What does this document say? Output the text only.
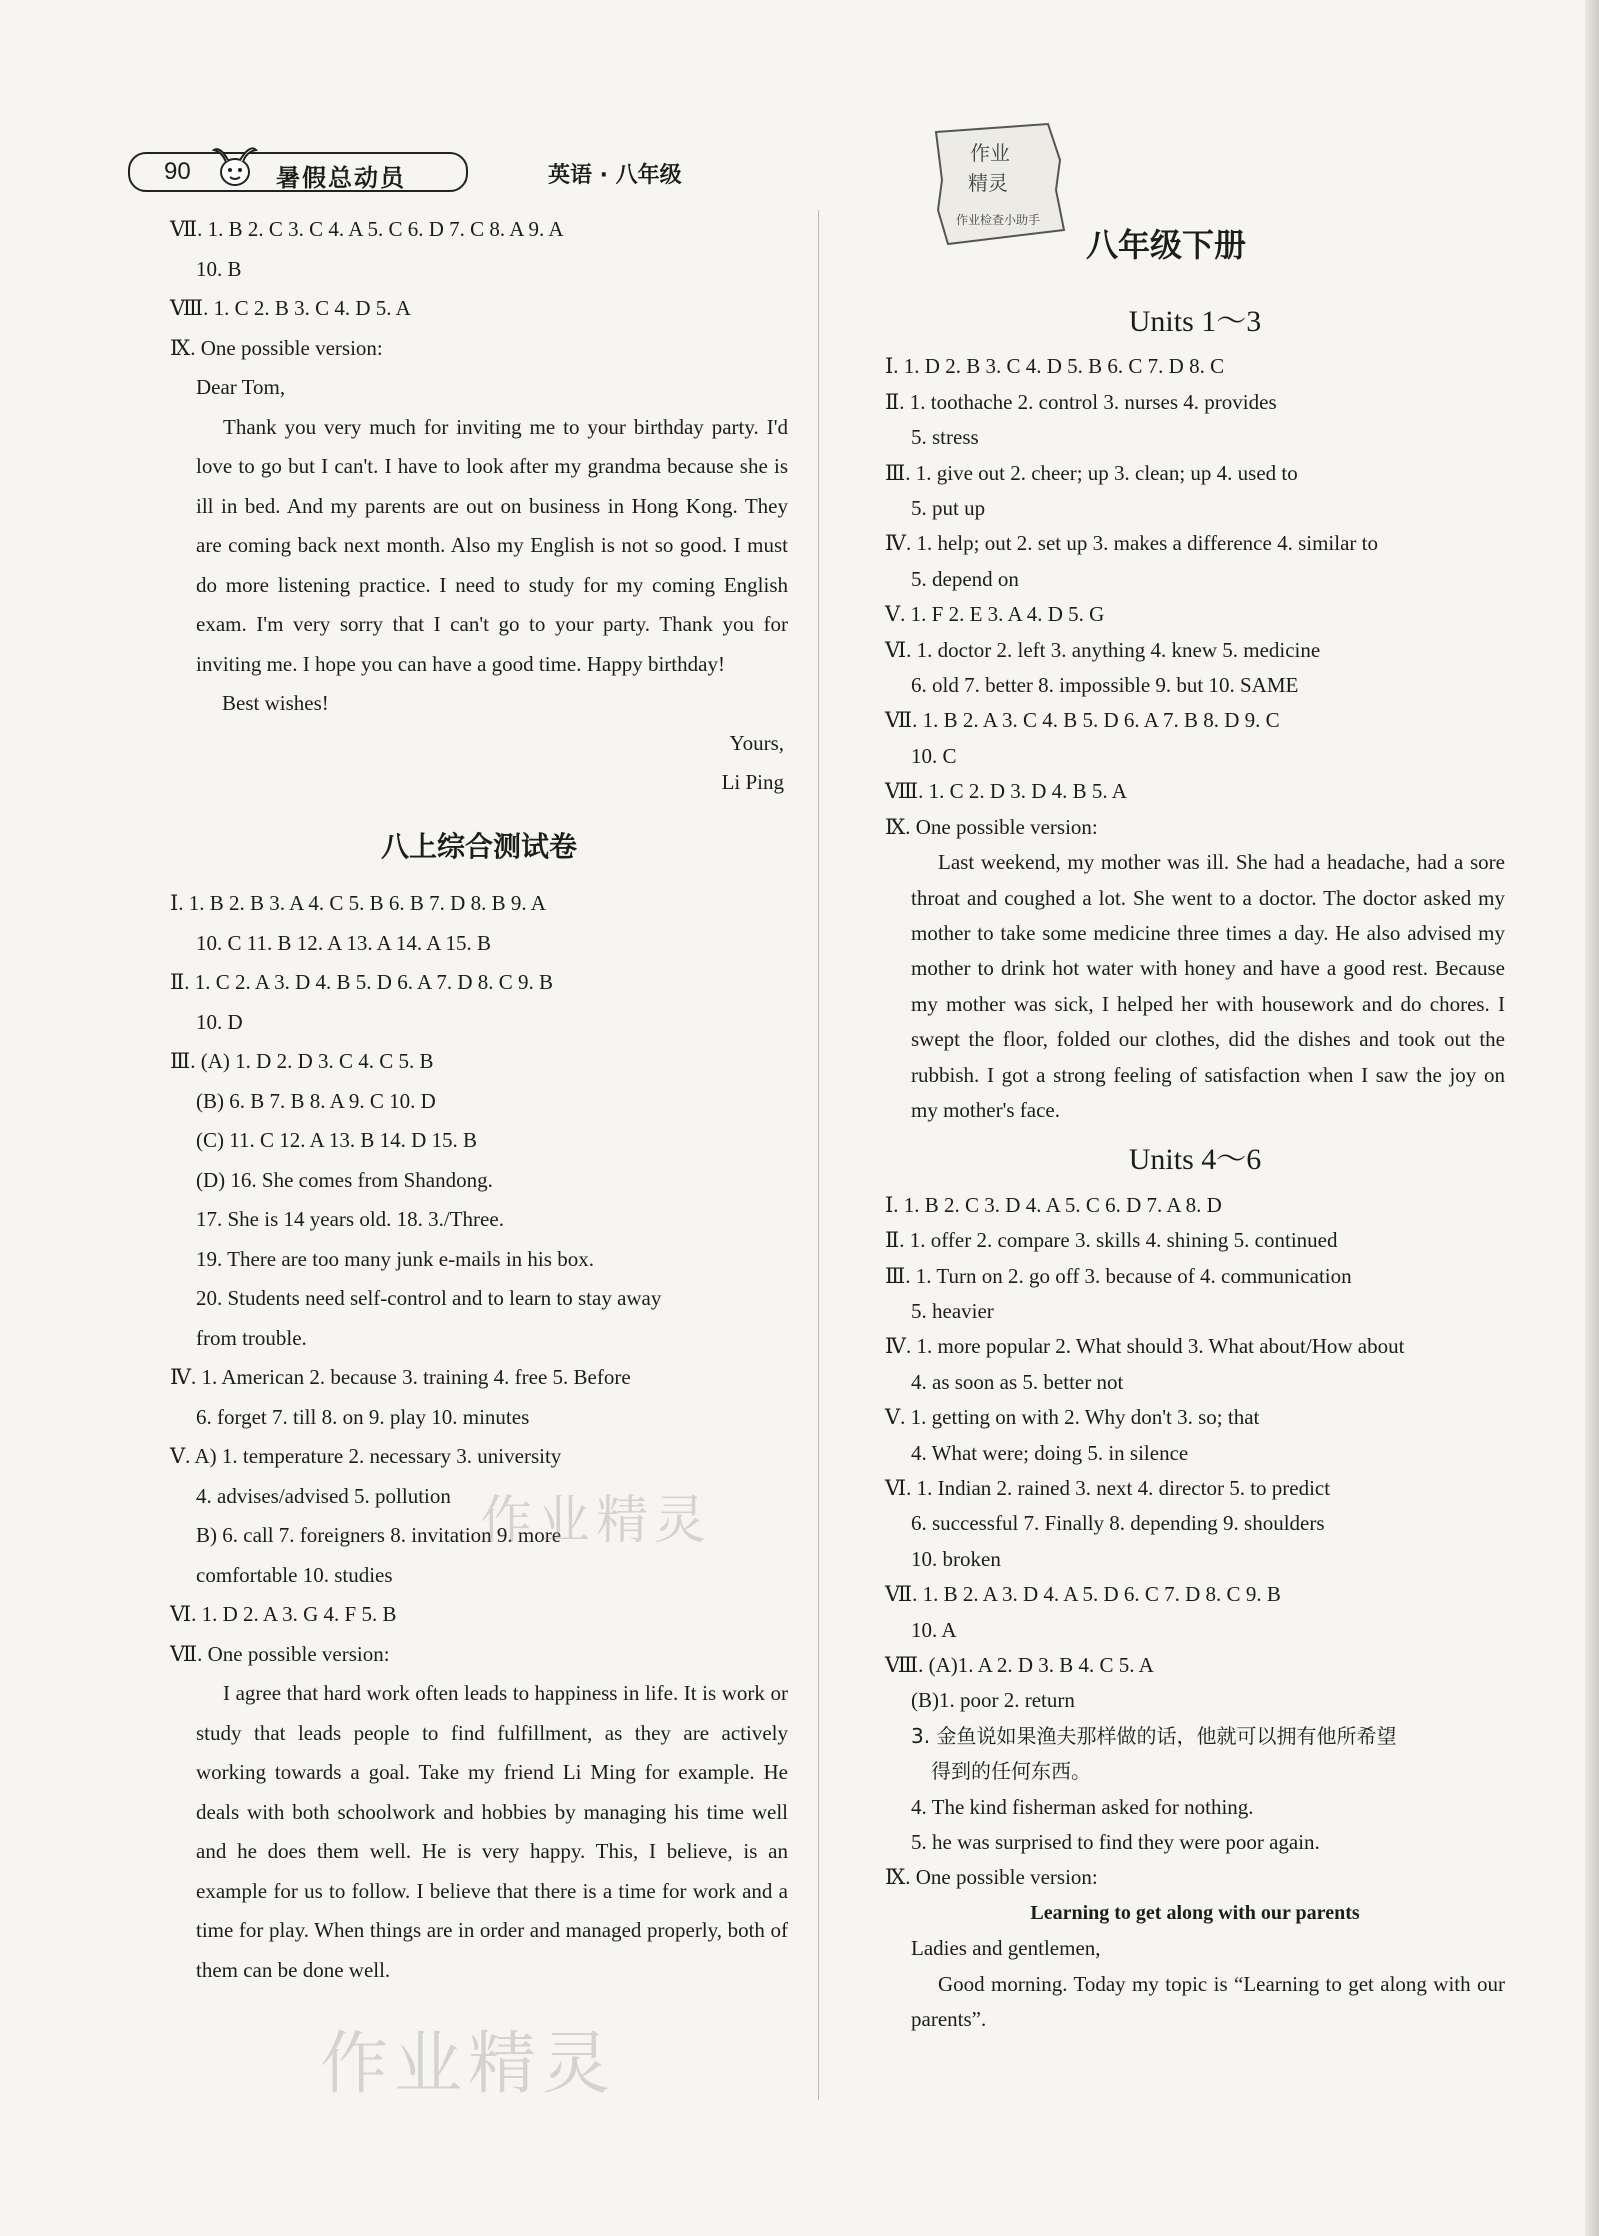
90	暑假总动员	英语 · 八年级
作业
精灵
作业检查小助手
八年级下册
Ⅶ. 1. B 2. C 3. C 4. A 5. C 6. D 7. C 8. A 9. A
10. B
Ⅷ. 1. C 2. B 3. C 4. D 5. A
Ⅸ. One possible version:
Dear Tom,
Thank you very much for inviting me to your birthday party. I'd love to go but I can't. I have to look after my grandma because she is ill in bed. And my parents are out on business in Hong Kong. They are coming back next month. Also my English is not so good. I must do more listening practice. I need to study for my coming English exam. I'm very sorry that I can't go to your party. Thank you for inviting me. I hope you can have a good time. Happy birthday!
Best wishes!
Yours,
Li Ping
八上综合测试卷
Ⅰ. 1. B 2. B 3. A 4. C 5. B 6. B 7. D 8. B 9. A
10. C 11. B 12. A 13. A 14. A 15. B
Ⅱ. 1. C 2. A 3. D 4. B 5. D 6. A 7. D 8. C 9. B
10. D
Ⅲ. (A) 1. D 2. D 3. C 4. C 5. B
(B) 6. B 7. B 8. A 9. C 10. D
(C) 11. C 12. A 13. B 14. D 15. B
(D) 16. She comes from Shandong.
17. She is 14 years old. 18. 3./Three.
19. There are too many junk e-mails in his box.
20. Students need self-control and to learn to stay away
from trouble.
Ⅳ. 1. American 2. because 3. training 4. free 5. Before
6. forget 7. till 8. on 9. play 10. minutes
Ⅴ. A) 1. temperature 2. necessary 3. university
4. advises/advised 5. pollution
B) 6. call 7. foreigners 8. invitation 9. more
comfortable 10. studies
Ⅵ. 1. D 2. A 3. G 4. F 5. B
Ⅶ. One possible version:
I agree that hard work often leads to happiness in life. It is work or study that leads people to find fulfillment, as they are actively working towards a goal. Take my friend Li Ming for example. He deals with both schoolwork and hobbies by managing his time well and he does them well. He is very happy. This, I believe, is an example for us to follow. I believe that there is a time for work and a time for play. When things are in order and managed properly, both of them can be done well.
Units 1～3
Ⅰ. 1. D 2. B 3. C 4. D 5. B 6. C 7. D 8. C
Ⅱ. 1. toothache 2. control 3. nurses 4. provides
5. stress
Ⅲ. 1. give out 2. cheer; up 3. clean; up 4. used to
5. put up
Ⅳ. 1. help; out 2. set up 3. makes a difference 4. similar to
5. depend on
Ⅴ. 1. F 2. E 3. A 4. D 5. G
Ⅵ. 1. doctor 2. left 3. anything 4. knew 5. medicine
6. old 7. better 8. impossible 9. but 10. SAME
Ⅶ. 1. B 2. A 3. C 4. B 5. D 6. A 7. B 8. D 9. C
10. C
Ⅷ. 1. C 2. D 3. D 4. B 5. A
Ⅸ. One possible version:
Last weekend, my mother was ill. She had a headache, had a sore throat and coughed a lot. She went to a doctor. The doctor asked my mother to take some medicine three times a day. He also advised my mother to drink hot water with honey and have a good rest. Because my mother was sick, I helped her with housework and do chores. I swept the floor, folded our clothes, did the dishes and took out the rubbish. I got a strong feeling of satisfaction when I saw the joy on my mother's face.
Units 4～6
Ⅰ. 1. B 2. C 3. D 4. A 5. C 6. D 7. A 8. D
Ⅱ. 1. offer 2. compare 3. skills 4. shining 5. continued
Ⅲ. 1. Turn on 2. go off 3. because of 4. communication
5. heavier
Ⅳ. 1. more popular 2. What should 3. What about/How about
4. as soon as 5. better not
Ⅴ. 1. getting on with 2. Why don't 3. so; that
4. What were; doing 5. in silence
Ⅵ. 1. Indian 2. rained 3. next 4. director 5. to predict
6. successful 7. Finally 8. depending 9. shoulders
10. broken
Ⅶ. 1. B 2. A 3. D 4. A 5. D 6. C 7. D 8. C 9. B
10. A
Ⅷ. (A)1. A 2. D 3. B 4. C 5. A
(B)1. poor 2. return
3. 金鱼说如果渔夫那样做的话，他就可以拥有他所希望
得到的任何东西。
4. The kind fisherman asked for nothing.
5. he was surprised to find they were poor again.
Ⅸ. One possible version:
Learning to get along with our parents
Ladies and gentlemen,
Good morning. Today my topic is “Learning to get along with our parents”.
作业精灵
作业精灵
